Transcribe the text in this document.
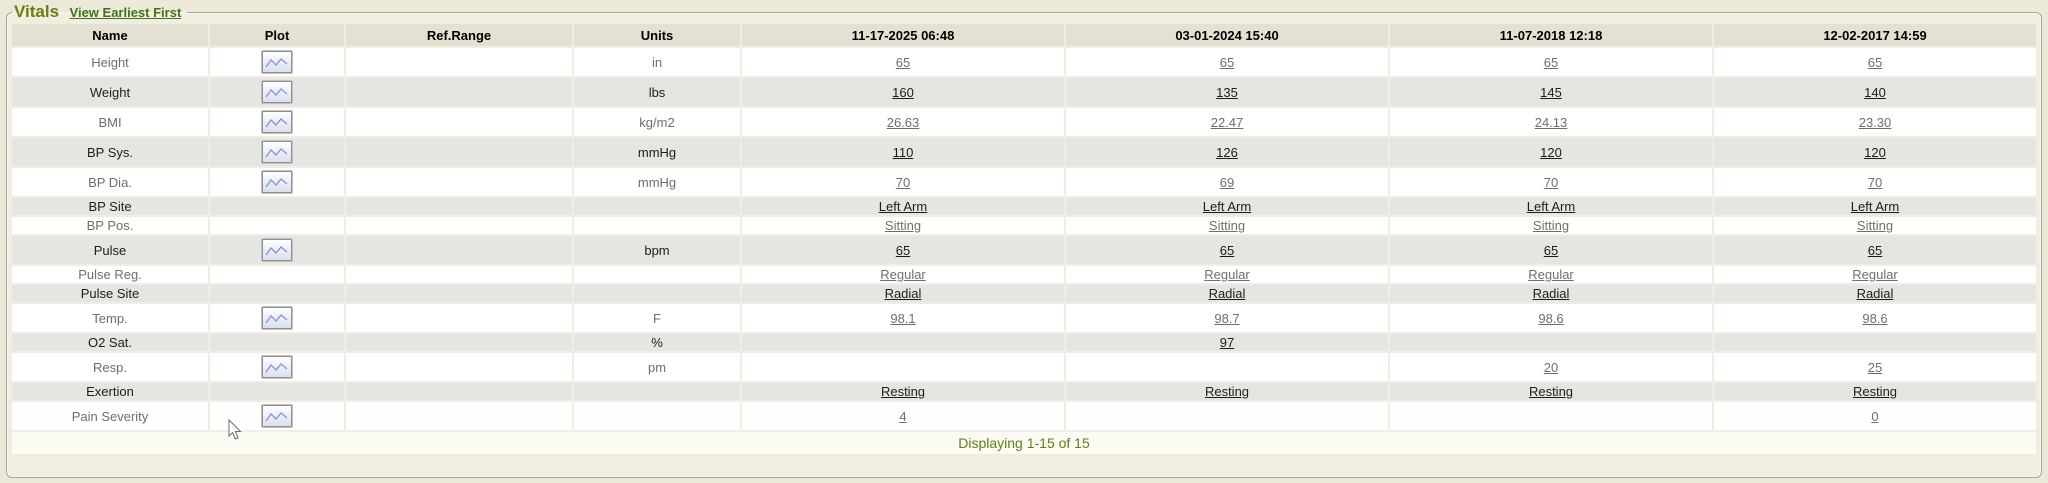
Vitals View Earliest First
Name	Plot	Ref.Range	Units	11-17-2025 06:48	03-01-2024 15:40	11-07-2018 12:18	12-02-2017 14:59
Height			in	65	65	65	65
Weight			lbs	160	135	145	140
BMI			kg/m2	26.63	22.47	24.13	23.30
BP Sys.			mmHg	110	126	120	120
BP Dia.			mmHg	70	69	70	70
BP Site				Left Arm	Left Arm	Left Arm	Left Arm
BP Pos.				Sitting	Sitting	Sitting	Sitting
Pulse			bpm	65	65	65	65
Pulse Reg.				Regular	Regular	Regular	Regular
Pulse Site				Radial	Radial	Radial	Radial
Temp.			F	98.1	98.7	98.6	98.6
O2 Sat.			%		97		
Resp.			pm			20	25
Exertion				Resting	Resting	Resting	Resting
Pain Severity				4			0
Displaying 1-15 of 15							
